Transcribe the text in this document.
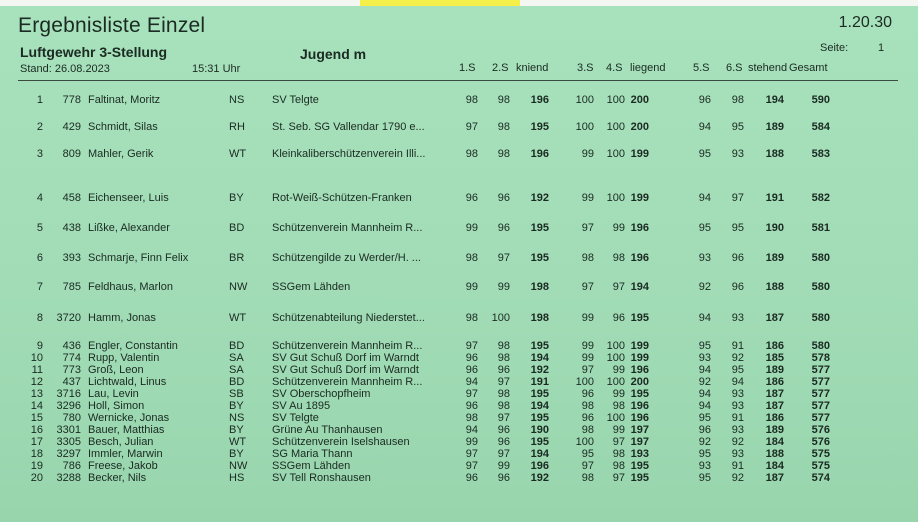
Ergebnisliste Einzel	1.20.30
Luftgewehr 3-Stellung	Jugend m	Seite:	1
Stand: 26.08.2023	15:31 Uhr	1.S 2.S kniend	3.S 4.S liegend	5.S 6.S stehend Gesamt
1	778 Faltinat, Moritz	NS	SV Telgte	98	98	196	100	100 200	96	98	194	590
2	429 Schmidt, Silas	RH	St. Seb. SG Vallendar 1790 e...	97	98	195	100	100 200	94	95	189	584
3	809 Mahler, Gerik	WT	Kleinkaliberschützenverein Illi...	98	98	196	99	100 199	95	93	188	583
4	458 Eichenseer, Luis	BY	Rot-Weiß-Schützen-Franken	96	96	192	99	100 199	94	97	191	582
5	438 Lißke, Alexander	BD	Schützenverein Mannheim R...	99	96	195	97	99 196	95	95	190	581
6	393 Schmarje, Finn Felix	BR	Schützengilde zu Werder/H. ...	98	97	195	98	98 196	93	96	189	580
7	785 Feldhaus, Marlon	NW	SSGem Lähden	99	99	198	97	97 194	92	96	188	580
8	3720 Hamm, Jonas	WT	Schützenabteilung Niederstet...	98	100	198	99	96 195	94	93	187	580
9	436 Engler, Constantin	BD	Schützenverein Mannheim R...	97	98	195	99	100 199	95	91	186	580
10	774 Rupp, Valentin	SA	SV Gut Schuß Dorf im Warndt	96	98	194	99	100 199	93	92	185	578
11	773 Groß, Leon	SA	SV Gut Schuß Dorf im Warndt	96	96	192	97	99 196	94	95	189	577
12	437 Lichtwald, Linus	BD	Schützenverein Mannheim R...	94	97	191	100	100 200	92	94	186	577
13	3716 Lau, Levin	SB	SV Oberschopfheim	97	98	195	96	99 195	94	93	187	577
14	3296 Holl, Simon	BY	SV Au 1895	96	98	194	98	98 196	94	93	187	577
15	780 Wernicke, Jonas	NS	SV Telgte	98	97	195	96	100 196	95	91	186	577
16	3301 Bauer, Matthias	BY	Grüne Au Thanhausen	94	96	190	98	99 197	96	93	189	576
17	3305 Besch, Julian	WT	Schützenverein Iselshausen	99	96	195	100	97 197	92	92	184	576
18	3297 Immler, Marwin	BY	SG Maria Thann	97	97	194	95	98 193	95	93	188	575
19	786 Freese, Jakob	NW	SSGem Lähden	97	99	196	97	98 195	93	91	184	575
20	3288 Becker, Nils	HS	SV Tell Ronshausen	96	96	192	98	97 195	95	92	187	574
